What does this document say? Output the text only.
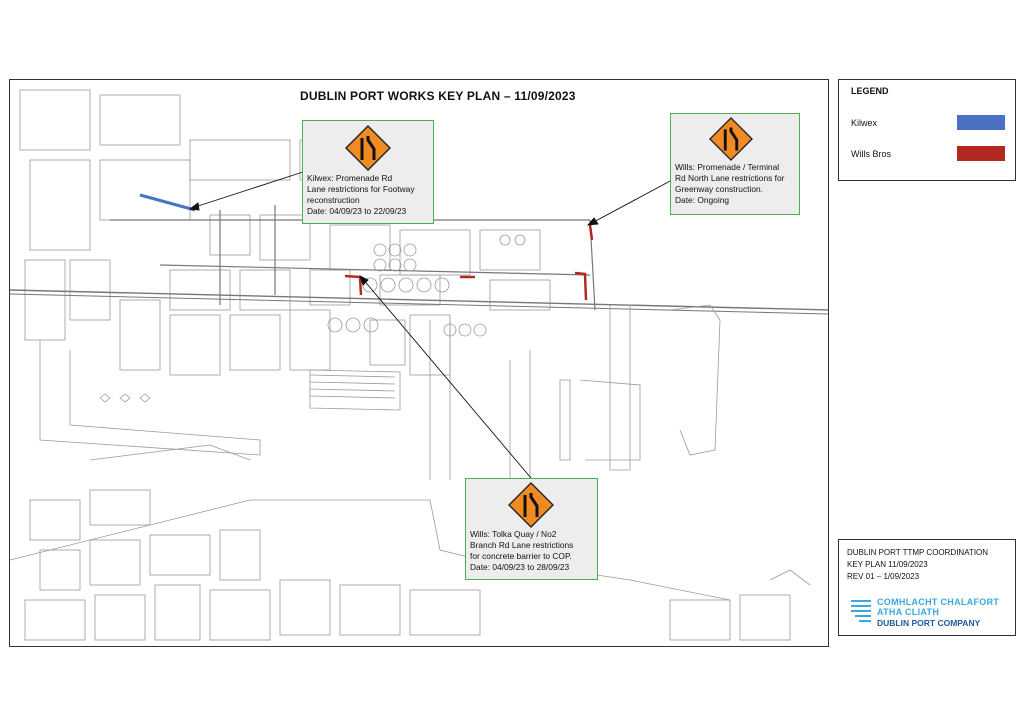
DUBLIN PORT WORKS KEY PLAN – 11/09/2023
Kilwex: Promenade Rd
Lane restrictions for Footway
reconstruction
Date: 04/09/23 to 22/09/23
Wills: Promenade / Terminal
Rd North Lane restrictions for
Greenway construction.
Date: Ongoing
Wills: Tolka Quay / No2
Branch Rd Lane restrictions
for concrete barrier to COP.
Date: 04/09/23 to 28/09/23
LEGEND
Kilwex
Wills Bros
DUBLIN PORT TTMP COORDINATION
KEY PLAN 11/09/2023
REV 01 – 1/09/2023
COMHLACHT CHALAFORT
ATHA CLIATH
DUBLIN PORT COMPANY
